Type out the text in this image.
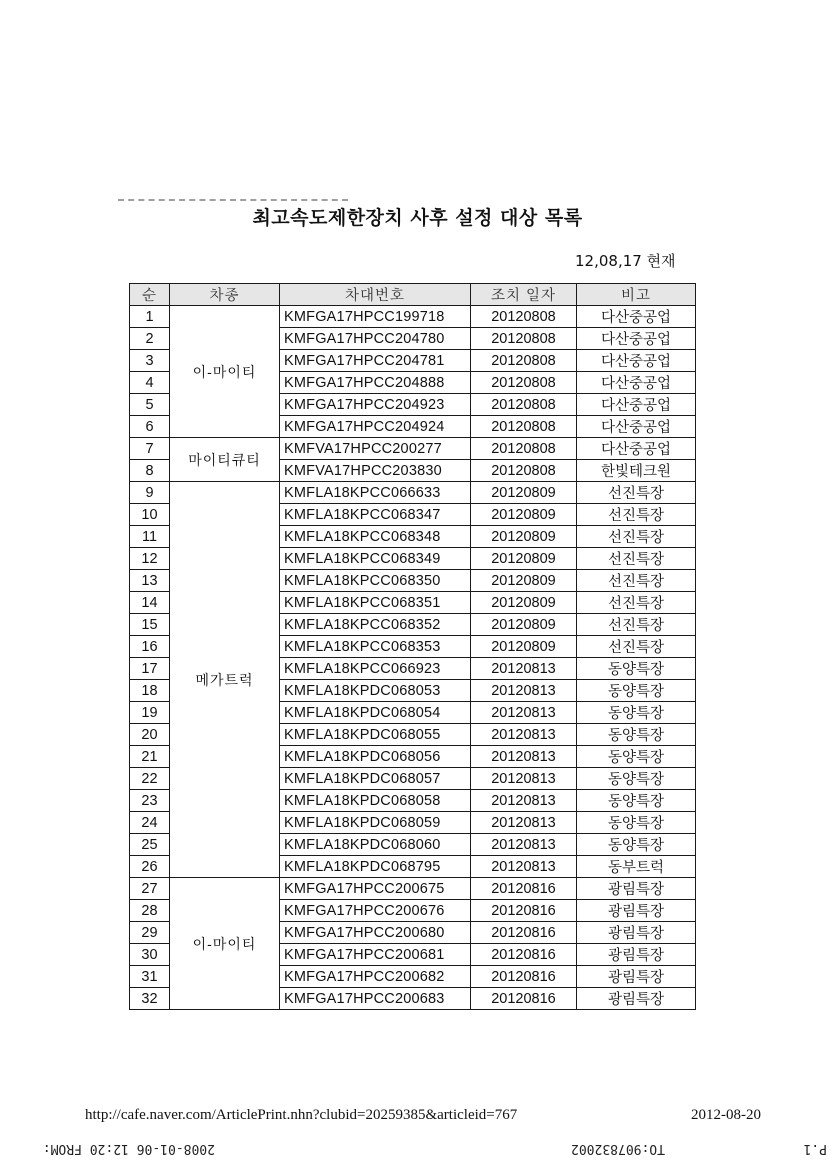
P.1
TO:907832002
2008-01-06 12:20 FROM:
최고속도제한장치 사후 설정 대상 목록
12,08,17 현재
순	차종	차대번호	조치 일자	비고
1	이-마이티	KMFGA17HPCC199718	20120808	다산중공업
2		KMFGA17HPCC204780	20120808	다산중공업
3		KMFGA17HPCC204781	20120808	다산중공업
4		KMFGA17HPCC204888	20120808	다산중공업
5		KMFGA17HPCC204923	20120808	다산중공업
6		KMFGA17HPCC204924	20120808	다산중공업
7	마이티큐티	KMFVA17HPCC200277	20120808	다산중공업
8		KMFVA17HPCC203830	20120808	한빛테크원
9	메가트럭	KMFLA18KPCC066633	20120809	선진특장
10		KMFLA18KPCC068347	20120809	선진특장
11		KMFLA18KPCC068348	20120809	선진특장
12		KMFLA18KPCC068349	20120809	선진특장
13		KMFLA18KPCC068350	20120809	선진특장
14		KMFLA18KPCC068351	20120809	선진특장
15		KMFLA18KPCC068352	20120809	선진특장
16		KMFLA18KPCC068353	20120809	선진특장
17		KMFLA18KPCC066923	20120813	동양특장
18		KMFLA18KPDC068053	20120813	동양특장
19		KMFLA18KPDC068054	20120813	동양특장
20		KMFLA18KPDC068055	20120813	동양특장
21		KMFLA18KPDC068056	20120813	동양특장
22		KMFLA18KPDC068057	20120813	동양특장
23		KMFLA18KPDC068058	20120813	동양특장
24		KMFLA18KPDC068059	20120813	동양특장
25		KMFLA18KPDC068060	20120813	동양특장
26		KMFLA18KPDC068795	20120813	동부트럭
27	이-마이티	KMFGA17HPCC200675	20120816	광림특장
28		KMFGA17HPCC200676	20120816	광림특장
29		KMFGA17HPCC200680	20120816	광림특장
30		KMFGA17HPCC200681	20120816	광림특장
31		KMFGA17HPCC200682	20120816	광림특장
32		KMFGA17HPCC200683	20120816	광림특장
http://cafe.naver.com/ArticlePrint.nhn?clubid=20259385&articleid=767	2012-08-20
